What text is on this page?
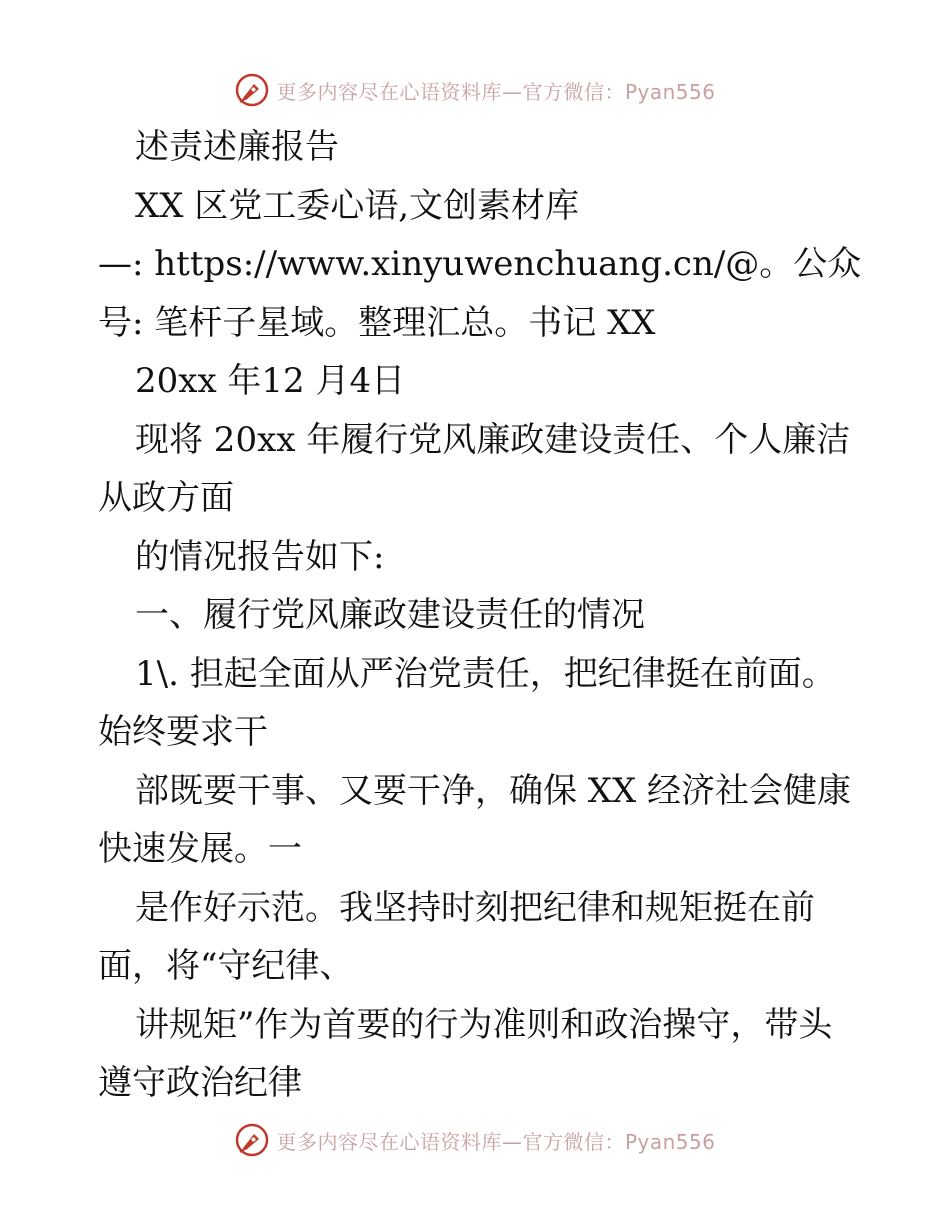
更多内容尽在心语资料库—官方微信：Pyan556
述责述廉报告
XX 区党工委心语,文创素材库
—: https://www.xinyuwenchuang.cn/@。公众
号: 笔杆子星域。整理汇总。书记 XX
20xx 年12 月4日
现将 20xx 年履行党风廉政建设责任、个人廉洁
从政方面
的情况报告如下:
一、履行党风廉政建设责任的情况
1\. 担起全面从严治党责任，把纪律挺在前面。
始终要求干
部既要干事、又要干净，确保 XX 经济社会健康
快速发展。一
是作好示范。我坚持时刻把纪律和规矩挺在前
面，将“守纪律、
讲规矩”作为首要的行为准则和政治操守，带头
遵守政治纪律
更多内容尽在心语资料库—官方微信：Pyan556
